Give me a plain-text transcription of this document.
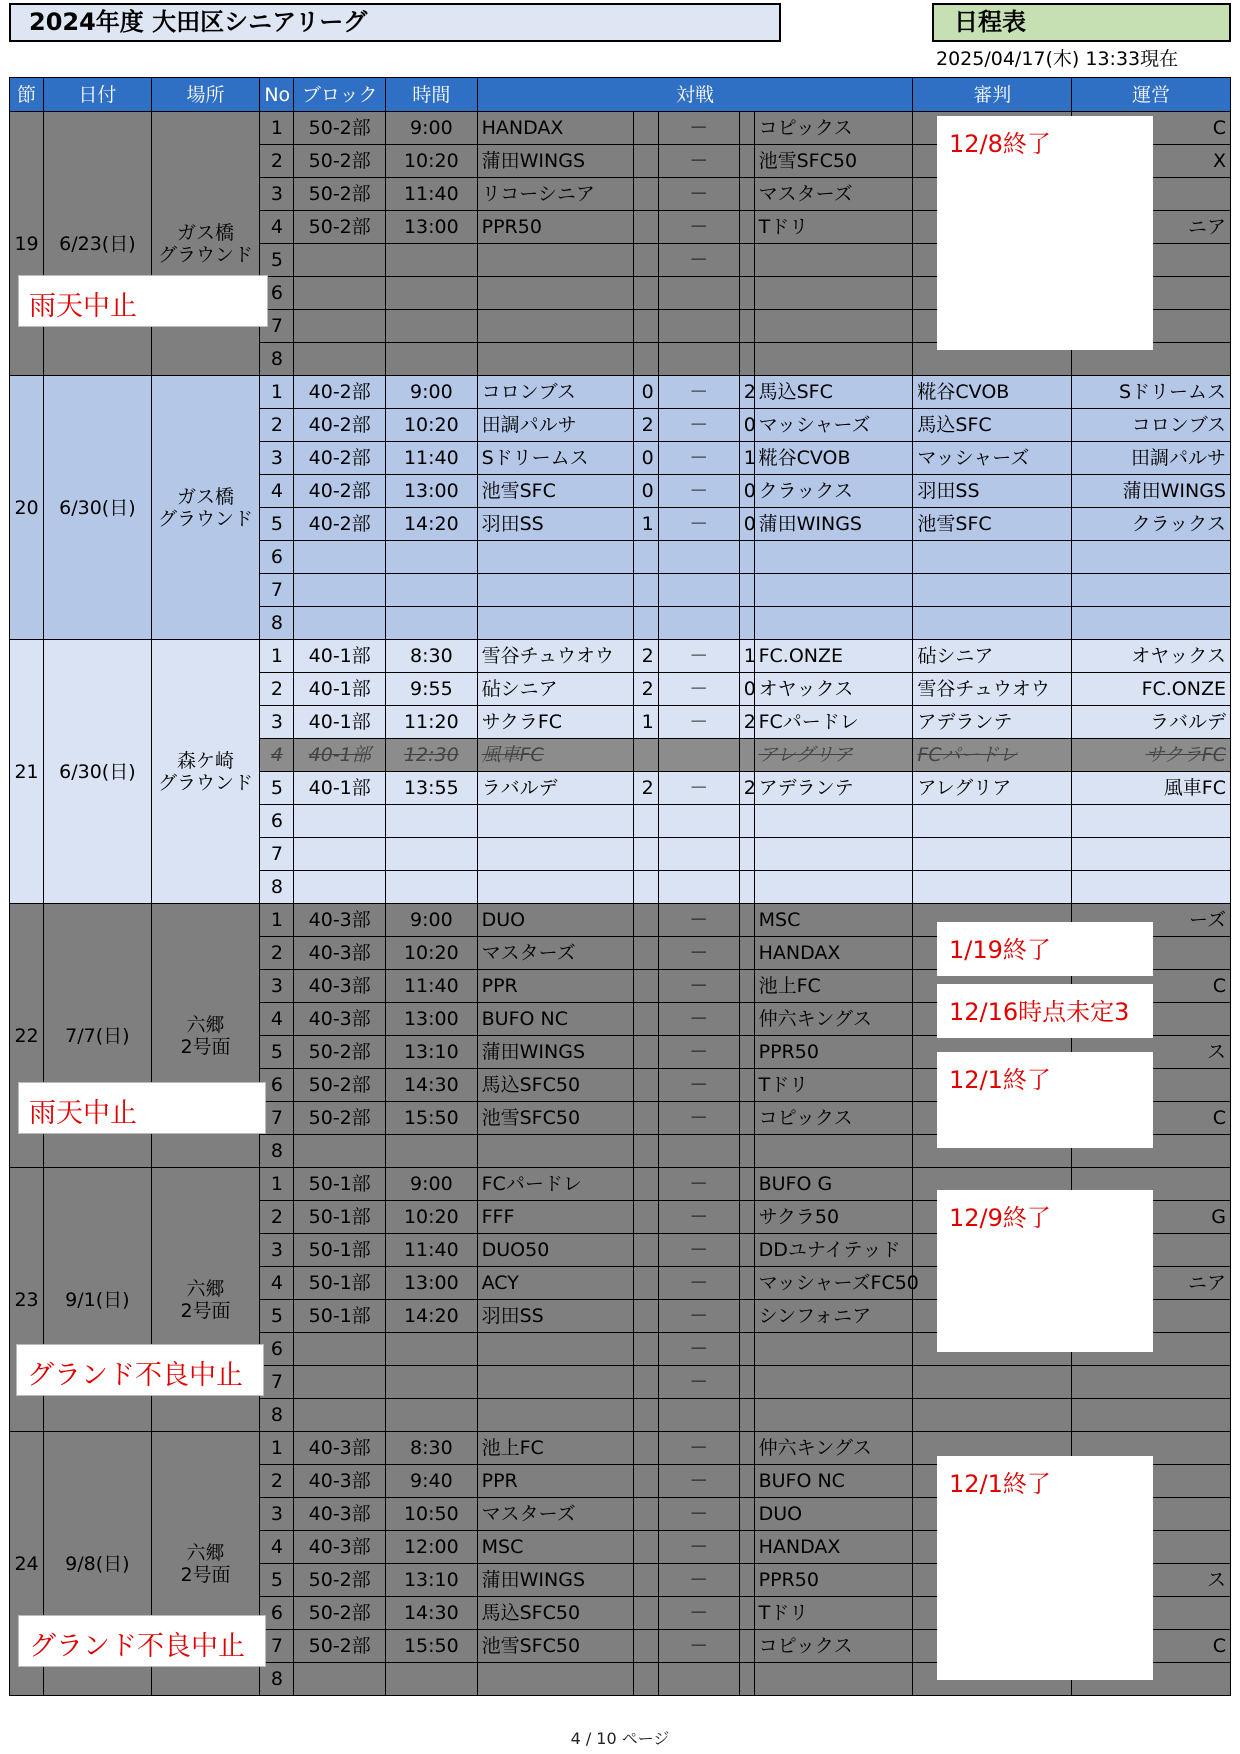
2024年度 大田区シニアリーグ	日程表
2025/04/17(木) 13:33現在
節	日付	場所	No	ブロック	時間	対戦					審判	運営
19	6/23(日)	ガス橋
グラウンド	1	50-2部	9:00	HANDAX		－		コピックス		C
			2	50-2部	10:20	蒲田WINGS		－		池雪SFC50		X
			3	50-2部	11:40	リコーシニア		－		マスターズ		
			4	50-2部	13:00	PPR50		－		Tドリ		ニア
			5					－				
			6									
			7									
			8									
20	6/30(日)	ガス橋
グラウンド	1	40-2部	9:00	コロンブス	0	－	2	馬込SFC	糀谷CVOB	Sドリームス
			2	40-2部	10:20	田調パルサ	2	－	0	マッシャーズ	馬込SFC	コロンブス
			3	40-2部	11:40	Sドリームス	0	－	1	糀谷CVOB	マッシャーズ	田調パルサ
			4	40-2部	13:00	池雪SFC	0	－	0	クラックス	羽田SS	蒲田WINGS
			5	40-2部	14:20	羽田SS	1	－	0	蒲田WINGS	池雪SFC	クラックス
			6									
			7									
			8									
21	6/30(日)	森ケ崎
グラウンド	1	40-1部	8:30	雪谷チュウオウ	2	－	1	FC.ONZE	砧シニア	オヤックス
			2	40-1部	9:55	砧シニア	2	－	0	オヤックス	雪谷チュウオウ	FC.ONZE
			3	40-1部	11:20	サクラFC	1	－	2	FCパードレ	アデランテ	ラバルデ
			4	40-1部	12:30	風車FC				アレグリア	FCパードレ	サクラFC
			5	40-1部	13:55	ラバルデ	2	－	2	アデランテ	アレグリア	風車FC
			6									
			7									
			8									
22	7/7(日)	六郷
2号面	1	40-3部	9:00	DUO		－		MSC		ーズ
			2	40-3部	10:20	マスターズ		－		HANDAX		
			3	40-3部	11:40	PPR		－		池上FC		C
			4	40-3部	13:00	BUFO NC		－		仲六キングス		
			5	50-2部	13:10	蒲田WINGS		－		PPR50		ス
			6	50-2部	14:30	馬込SFC50		－		Tドリ		
			7	50-2部	15:50	池雪SFC50		－		コピックス		C
			8									
23	9/1(日)	六郷
2号面	1	50-1部	9:00	FCパードレ		－		BUFO G		
			2	50-1部	10:20	FFF		－		サクラ50		G
			3	50-1部	11:40	DUO50		－		DDユナイテッド		
			4	50-1部	13:00	ACY		－		マッシャーズFC50		ニア
			5	50-1部	14:20	羽田SS		－		シンフォニア		
			6					－				
			7					－				
			8									
24	9/8(日)	六郷
2号面	1	40-3部	8:30	池上FC		－		仲六キングス		
			2	40-3部	9:40	PPR		－		BUFO NC		
			3	40-3部	10:50	マスターズ		－		DUO		
			4	40-3部	12:00	MSC		－		HANDAX		
			5	50-2部	13:10	蒲田WINGS		－		PPR50		ス
			6	50-2部	14:30	馬込SFC50		－		Tドリ		
			7	50-2部	15:50	池雪SFC50		－		コピックス		C
			8									
12/8終了
1/19終了
12/16時点未定3
12/1終了
12/9終了
12/1終了
雨天中止
雨天中止
グランド不良中止
グランド不良中止
4 / 10 ページ
